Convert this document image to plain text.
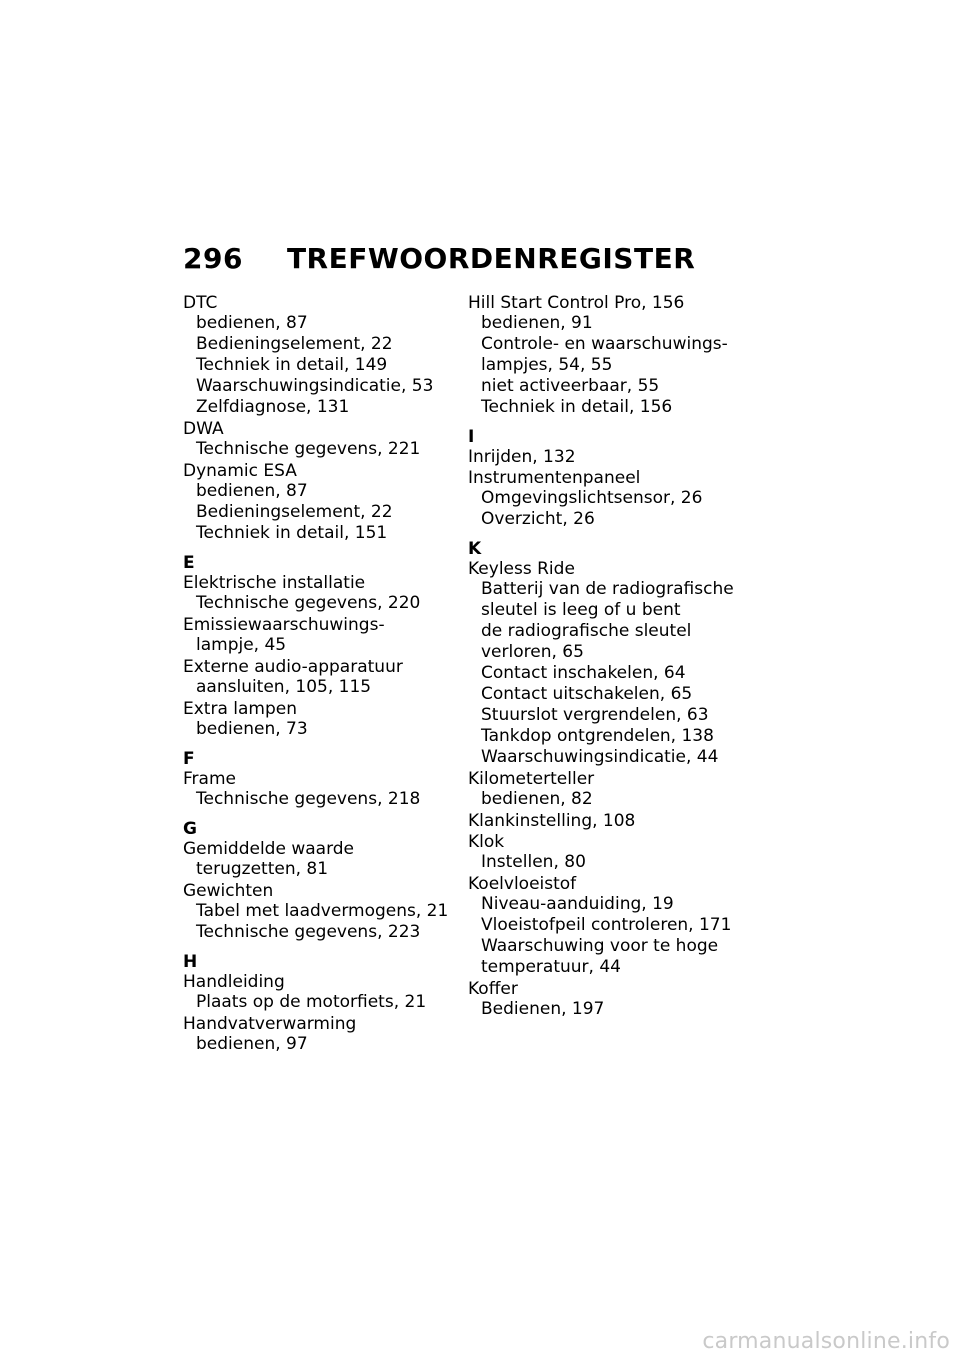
296 TREFWOORDENREGISTER
DTC
bedienen, 87
Bedieningselement, 22
Techniek in detail, 149
Waarschuwingsindicatie, 53
Zelfdiagnose, 131
DWA
Technische gegevens, 221
Dynamic ESA
bedienen, 87
Bedieningselement, 22
Techniek in detail, 151
E
Elektrische installatie
Technische gegevens, 220
Emissiewaarschuwings-
lampje, 45
Externe audio-apparatuur
aansluiten, 105, 115
Extra lampen
bedienen, 73
F
Frame
Technische gegevens, 218
G
Gemiddelde waarde
terugzetten, 81
Gewichten
Tabel met laadvermogens, 21
Technische gegevens, 223
H
Handleiding
Plaats op de motorfiets, 21
Handvatverwarming
bedienen, 97
Hill Start Control Pro, 156
bedienen, 91
Controle- en waarschuwings-
lampjes, 54, 55
niet activeerbaar, 55
Techniek in detail, 156
I
Inrijden, 132
Instrumentenpaneel
Omgevingslichtsensor, 26
Overzicht, 26
K
Keyless Ride
Batterij van de radiografische
sleutel is leeg of u bent
de radiografische sleutel
verloren, 65
Contact inschakelen, 64
Contact uitschakelen, 65
Stuurslot vergrendelen, 63
Tankdop ontgrendelen, 138
Waarschuwingsindicatie, 44
Kilometerteller
bedienen, 82
Klankinstelling, 108
Klok
Instellen, 80
Koelvloeistof
Niveau-aanduiding, 19
Vloeistofpeil controleren, 171
Waarschuwing voor te hoge
temperatuur, 44
Koffer
Bedienen, 197
carmanualsonline.info
